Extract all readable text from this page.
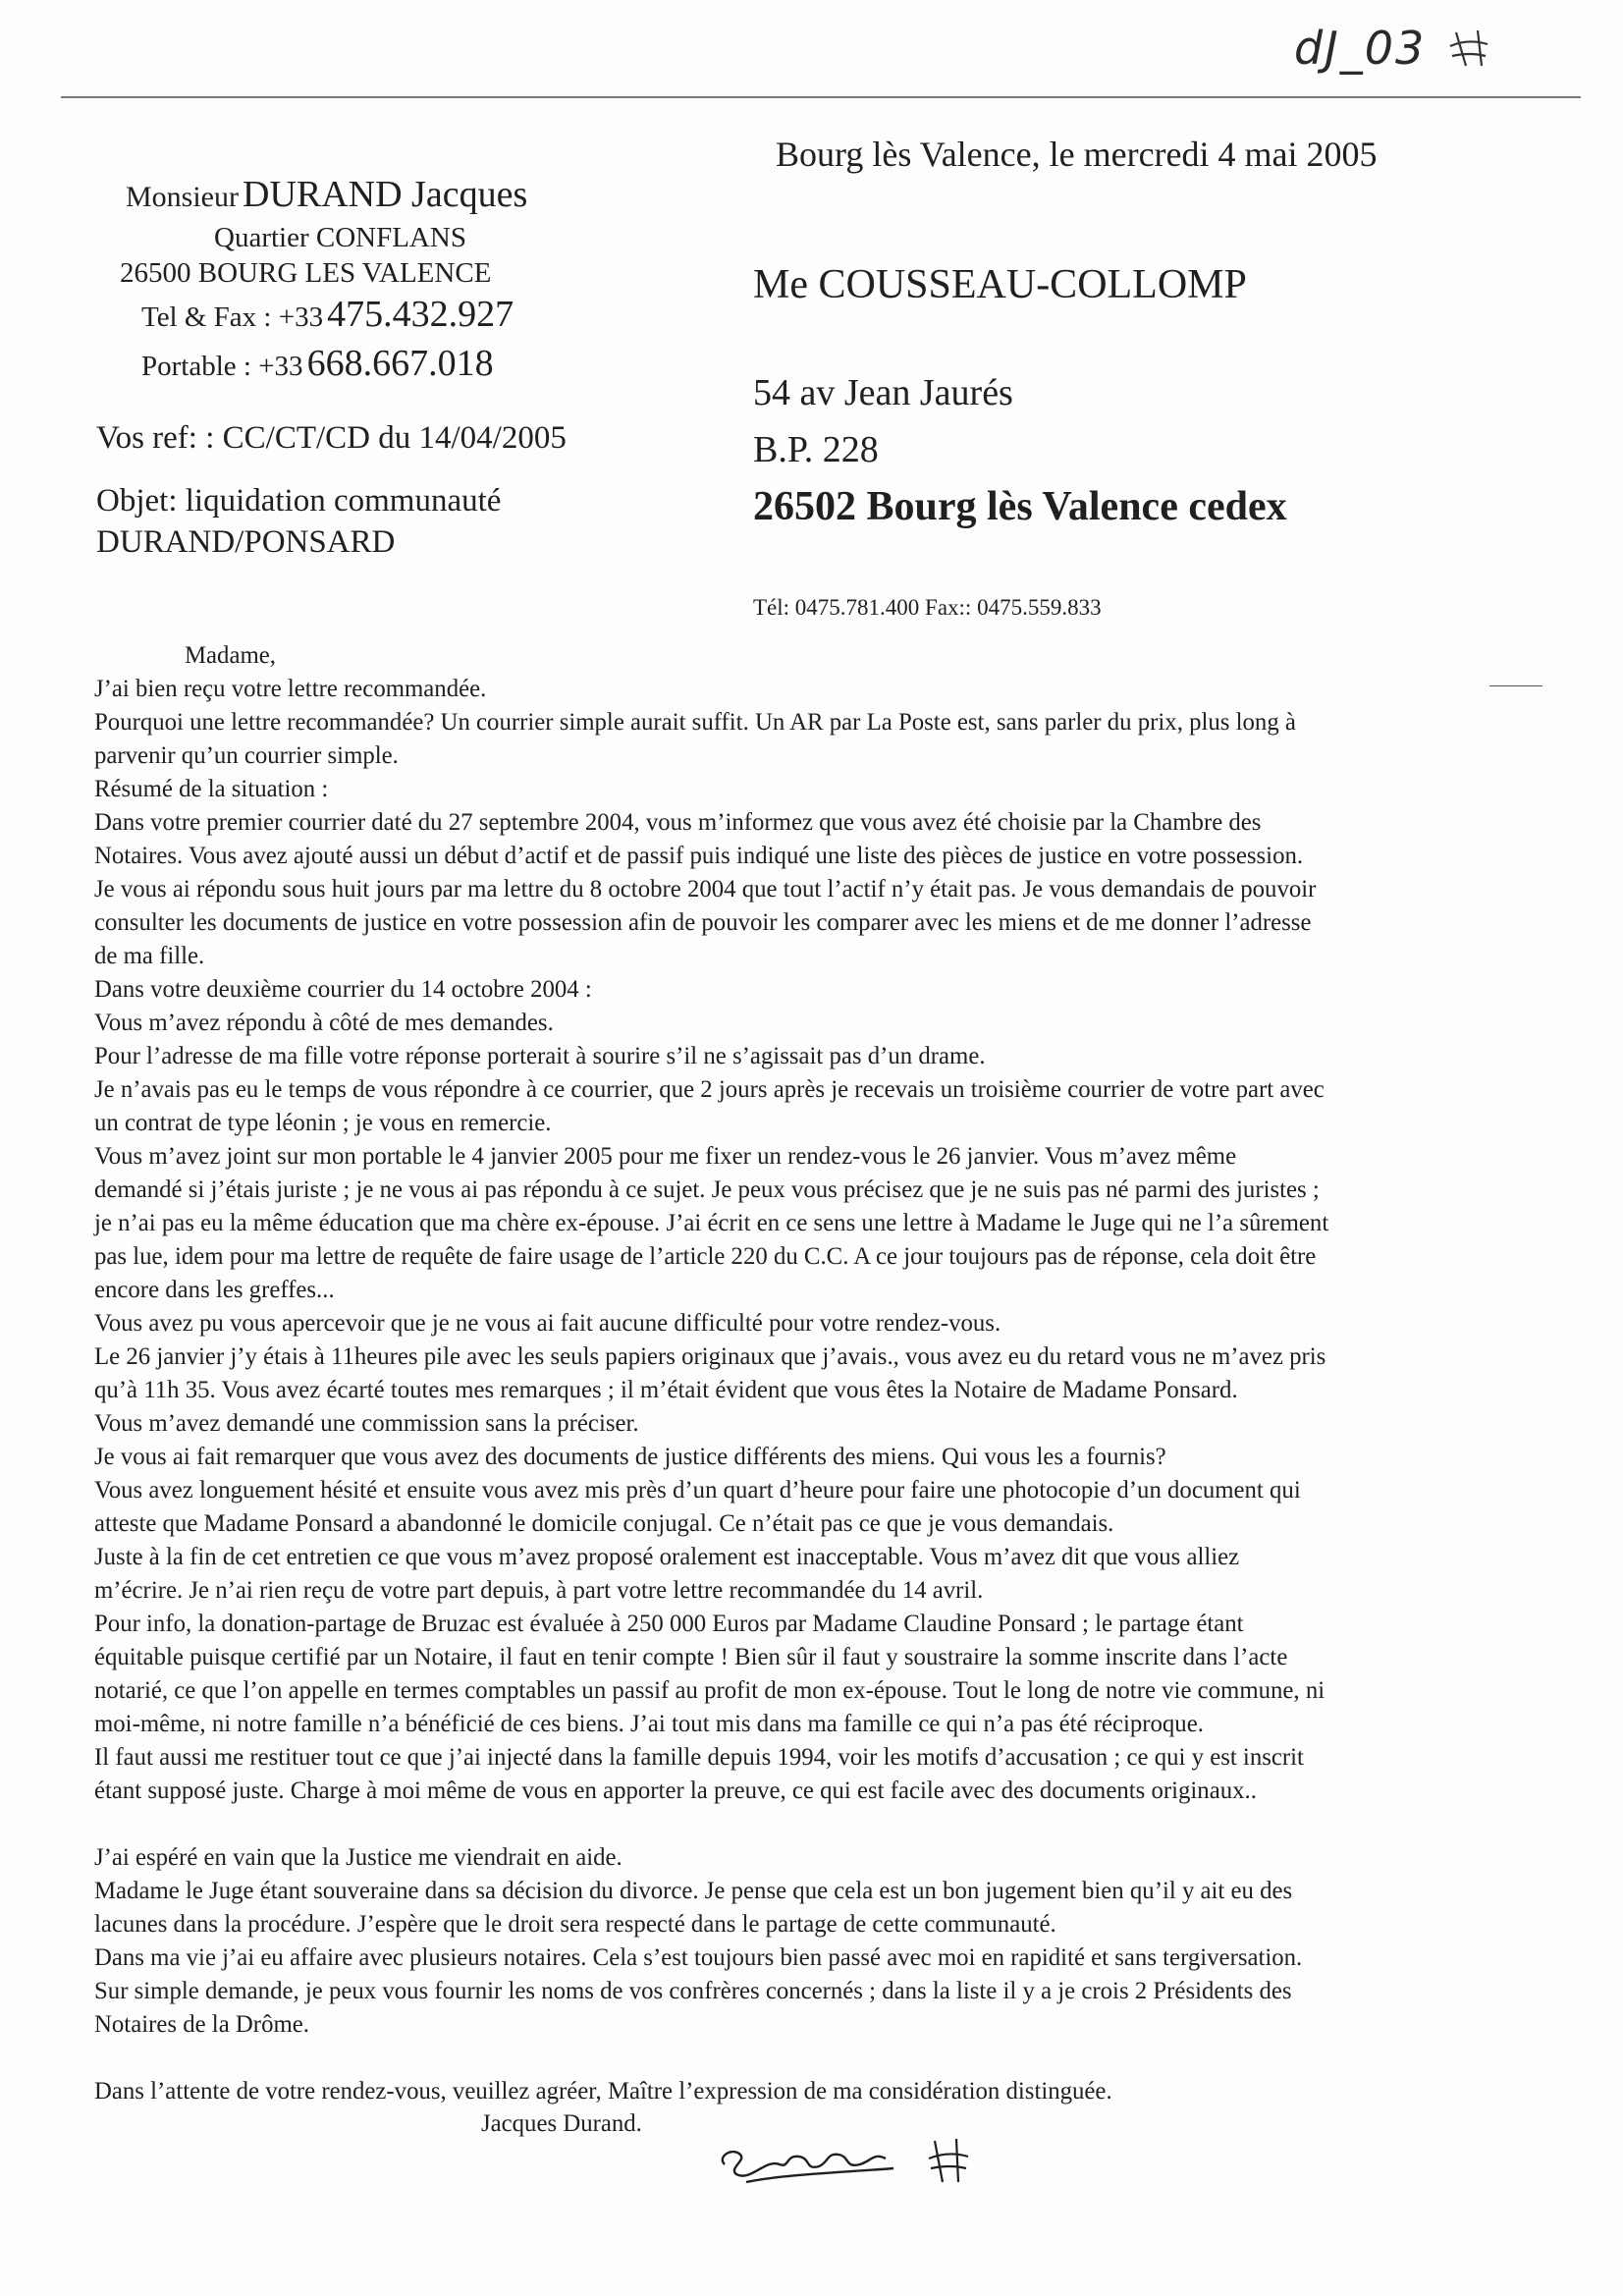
dJ_03
Monsieur DURAND Jacques
Quartier CONFLANS
26500 BOURG LES VALENCE
Tel & Fax : +33 475.432.927
Portable : +33 668.667.018
Vos ref: : CC/CT/CD du 14/04/2005
Objet: liquidation communauté
DURAND/PONSARD
Bourg lès Valence, le mercredi 4 mai 2005
Me COUSSEAU-COLLOMP
54 av Jean Jaurés
B.P. 228
26502 Bourg lès Valence cedex
Tél: 0475.781.400 Fax:: 0475.559.833
Madame,
J’ai bien reçu votre lettre recommandée.
Pourquoi une lettre recommandée? Un courrier simple aurait suffit. Un AR par La Poste est, sans parler du prix, plus long à
parvenir qu’un courrier simple.
Résumé de la situation :
Dans votre premier courrier daté du 27 septembre 2004, vous m’informez que vous avez été choisie par la Chambre des
Notaires. Vous avez ajouté aussi un début d’actif et de passif puis indiqué une liste des pièces de justice en votre possession.
Je vous ai répondu sous huit jours par ma lettre du 8 octobre 2004 que tout l’actif n’y était pas. Je vous demandais de pouvoir
consulter les documents de justice en votre possession afin de pouvoir les comparer avec les miens et de me donner l’adresse
de ma fille.
Dans votre deuxième courrier du 14 octobre 2004 :
Vous m’avez répondu à côté de mes demandes.
Pour l’adresse de ma fille votre réponse porterait à sourire s’il ne s’agissait pas d’un drame.
Je n’avais pas eu le temps de vous répondre à ce courrier, que 2 jours après je recevais un troisième courrier de votre part avec
un contrat de type léonin ; je vous en remercie.
Vous m’avez joint sur mon portable le 4 janvier 2005 pour me fixer un rendez-vous le 26 janvier. Vous m’avez même
demandé si j’étais juriste ; je ne vous ai pas répondu à ce sujet. Je peux vous précisez que je ne suis pas né parmi des juristes ;
je n’ai pas eu la même éducation que ma chère ex-épouse. J’ai écrit en ce sens une lettre à Madame le Juge qui ne l’a sûrement
pas lue, idem pour ma lettre de requête de faire usage de l’article 220 du C.C. A ce jour toujours pas de réponse, cela doit être
encore dans les greffes...
Vous avez pu vous apercevoir que je ne vous ai fait aucune difficulté pour votre rendez-vous.
Le 26 janvier j’y étais à 11heures pile avec les seuls papiers originaux que j’avais., vous avez eu du retard vous ne m’avez pris
qu’à 11h 35. Vous avez écarté toutes mes remarques ; il m’était évident que vous êtes la Notaire de Madame Ponsard.
Vous m’avez demandé une commission sans la préciser.
Je vous ai fait remarquer que vous avez des documents de justice différents des miens. Qui vous les a fournis?
Vous avez longuement hésité et ensuite vous avez mis près d’un quart d’heure pour faire une photocopie d’un document qui
atteste que Madame Ponsard a abandonné le domicile conjugal. Ce n’était pas ce que je vous demandais.
Juste à la fin de cet entretien ce que vous m’avez proposé oralement est inacceptable. Vous m’avez dit que vous alliez
m’écrire. Je n’ai rien reçu de votre part depuis, à part votre lettre recommandée du 14 avril.
Pour info, la donation-partage de Bruzac est évaluée à 250 000 Euros par Madame Claudine Ponsard ; le partage étant
équitable puisque certifié par un Notaire, il faut en tenir compte ! Bien sûr il faut y soustraire la somme inscrite dans l’acte
notarié, ce que l’on appelle en termes comptables un passif au profit de mon ex-épouse. Tout le long de notre vie commune, ni
moi-même, ni notre famille n’a bénéficié de ces biens. J’ai tout mis dans ma famille ce qui n’a pas été réciproque.
Il faut aussi me restituer tout ce que j’ai injecté dans la famille depuis 1994, voir les motifs d’accusation ; ce qui y est inscrit
étant supposé juste. Charge à moi même de vous en apporter la preuve, ce qui est facile avec des documents originaux..
J’ai espéré en vain que la Justice me viendrait en aide.
Madame le Juge étant souveraine dans sa décision du divorce. Je pense que cela est un bon jugement bien qu’il y ait eu des
lacunes dans la procédure. J’espère que le droit sera respecté dans le partage de cette communauté.
Dans ma vie j’ai eu affaire avec plusieurs notaires. Cela s’est toujours bien passé avec moi en rapidité et sans tergiversation.
Sur simple demande, je peux vous fournir les noms de vos confrères concernés ; dans la liste il y a je crois 2 Présidents des
Notaires de la Drôme.
Dans l’attente de votre rendez-vous, veuillez agréer, Maître l’expression de ma considération distinguée.
Jacques Durand.
